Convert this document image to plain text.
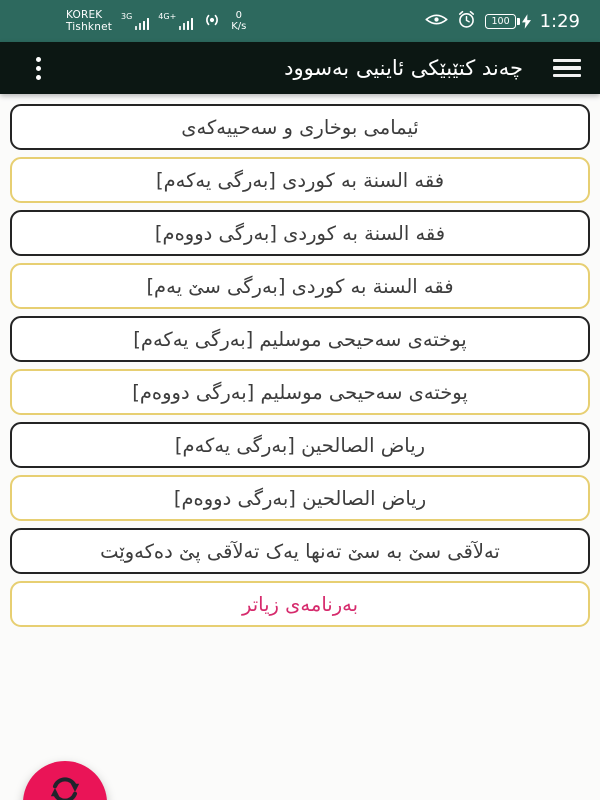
KOREK
Tishknet
3G	4G+	0
K/s	100	1:29
چەند کتێبێکی ئاینیی بەسوود
ئیمامی بوخاری و سەحییەکەی
فقه السنة بە کوردی [بەرگی یەکەم]
فقه السنة بە کوردی [بەرگی دووەم]
فقه السنة بە کوردی [بەرگی سێ یەم]
پوختەی سەحیحی موسلیم [بەرگی یەکەم]
پوختەی سەحیحی موسلیم [بەرگی دووەم]
ریاض الصالحین [بەرگی یەکەم]
ریاض الصالحین [بەرگی دووەم]
تەلآقی سێ بە سێ تەنها یەک تەلآقی پێ دەکەوێت
بەرنامەی زیاتر
